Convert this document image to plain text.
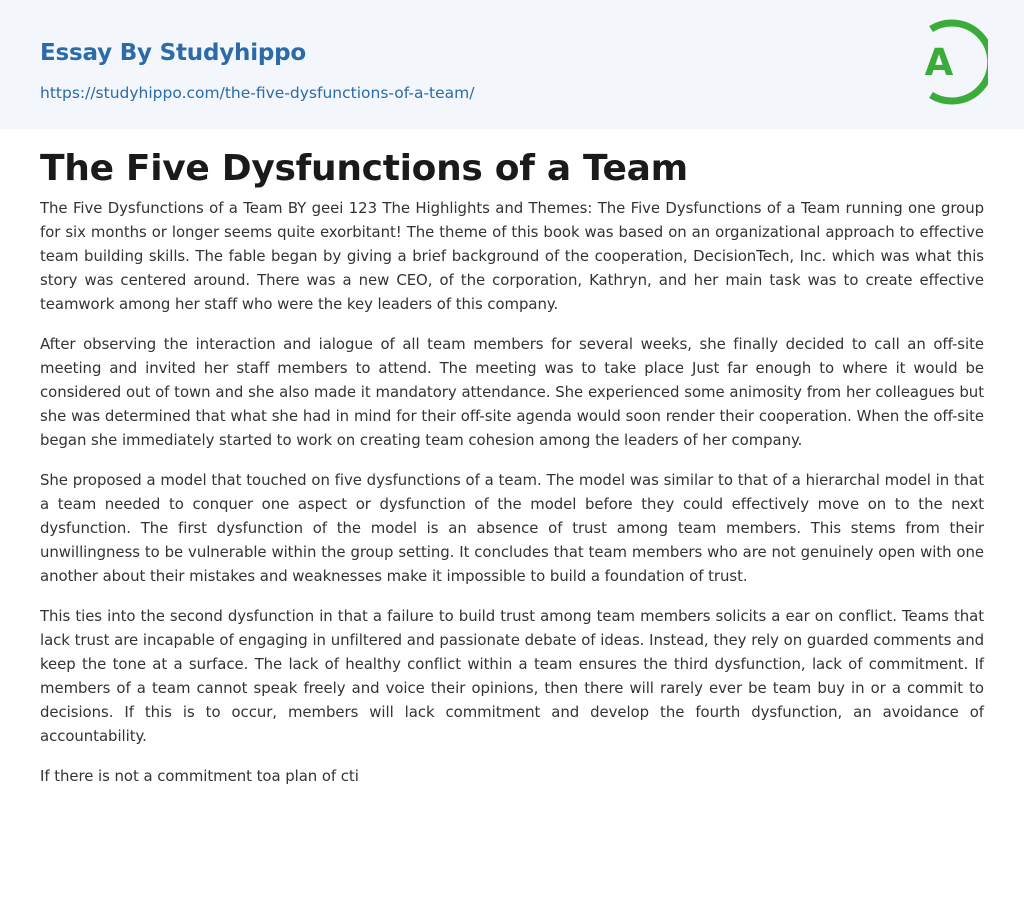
Essay By Studyhippo
https://studyhippo.com/the-five-dysfunctions-of-a-team/
A
The Five Dysfunctions of a Team

The Five Dysfunctions of a Team BY geei 123 The Highlights and Themes: The Five Dysfunctions of a Team running one group for six months or longer seems quite exorbitant! The theme of this book was based on an organizational approach to effective team building skills. The fable began by giving a brief background of the cooperation, DecisionTech, Inc. which was what this story was centered around. There was a new CEO, of the corporation, Kathryn, and her main task was to create effective teamwork among her staff who were the key leaders of this company.

After observing the interaction and ialogue of all team members for several weeks, she finally decided to call an off-site meeting and invited her staff members to attend. The meeting was to take place Just far enough to where it would be considered out of town and she also made it mandatory attendance. She experienced some animosity from her colleagues but she was determined that what she had in mind for their off-site agenda would soon render their cooperation. When the off-site began she immediately started to work on creating team cohesion among the leaders of her company.

She proposed a model that touched on five dysfunctions of a team. The model was similar to that of a hierarchal model in that a team needed to conquer one aspect or dysfunction of the model before they could effectively move on to the next dysfunction. The first dysfunction of the model is an absence of trust among team members. This stems from their unwillingness to be vulnerable within the group setting. It concludes that team members who are not genuinely open with one another about their mistakes and weaknesses make it impossible to build a foundation of trust.

This ties into the second dysfunction in that a failure to build trust among team members solicits a ear on conflict. Teams that lack trust are incapable of engaging in unfiltered and passionate debate of ideas. Instead, they rely on guarded comments and keep the tone at a surface. The lack of healthy conflict within a team ensures the third dysfunction, lack of commitment. If members of a team cannot speak freely and voice their opinions, then there will rarely ever be team buy in or a commit to decisions. If this is to occur, members will lack commitment and develop the fourth dysfunction, an avoidance of accountability.

If there is not a commitment toa plan of cti
